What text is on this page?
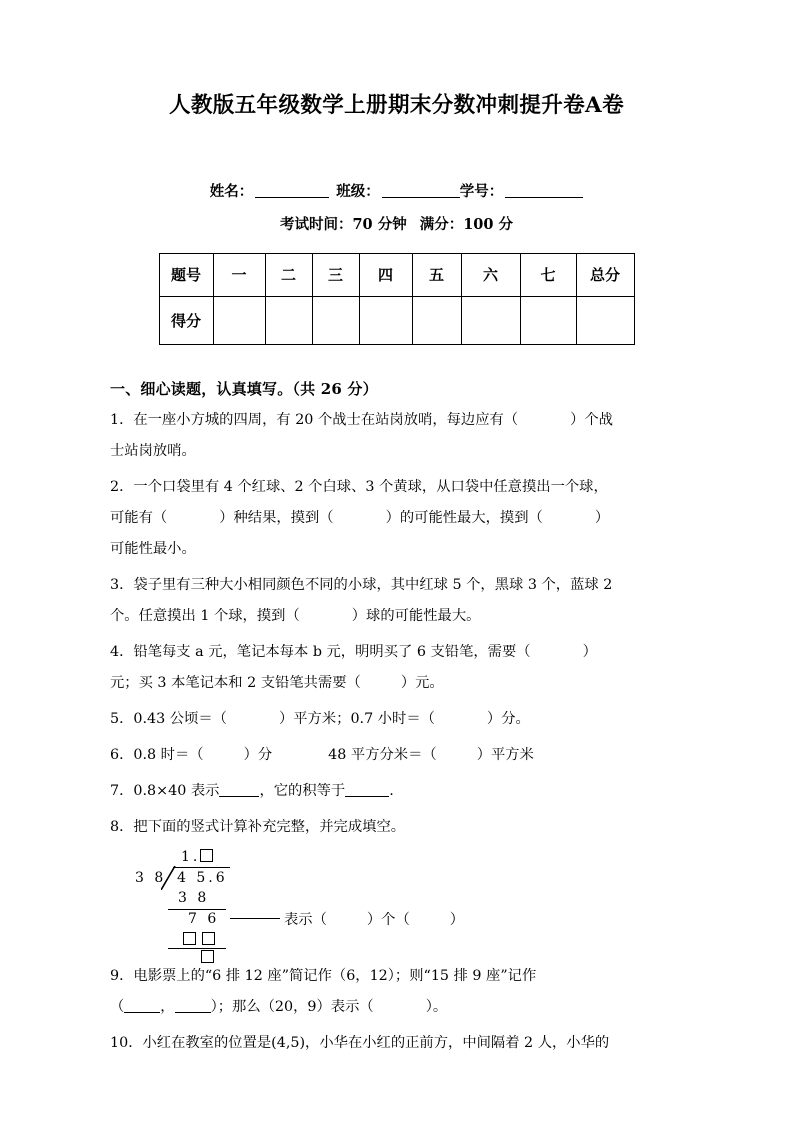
人教版五年级数学上册期末分数冲刺提升卷A卷
姓名：	班级：	学号：
考试时间：70 分钟 满分：100 分
题号	一	二	三	四	五	六	七	总分
得分								
一、细心读题，认真填写。（共 26 分）
1．在一座小方城的四周，有 20 个战士在站岗放哨，每边应有（	）个战
士站岗放哨。
2．一个口袋里有 4 个红球、2 个白球、3 个黄球，从口袋中任意摸出一个球，
可能有（	）种结果，摸到（	）的可能性最大，摸到（	）
可能性最小。
3．袋子里有三种大小相同颜色不同的小球，其中红球 5 个，黑球 3 个，蓝球 2
个。任意摸出 1 个球，摸到（	）球的可能性最大。
4．铅笔每支 a 元，笔记本每本 b 元，明明买了 6 支铅笔，需要（	）
元；买 3 本笔记本和 2 支铅笔共需要（	）元。
5．0.43 公顷＝（	）平方米；0.7 小时＝（	）分。
6．0.8 时＝（	）分	48 平方分米＝（	）平方米
7．0.8×40 表示	，它的积等于	.
8．把下面的竖式计算补充完整，并完成填空。
1.
3 8 4 5.6
3 8
7 6	表示（	）个（	）
9．电影票上的“6 排 12 座”简记作（6，12）；则“15 排 9 座”记作
（	，	）；那么（20，9）表示（	）。
10．小红在教室的位置是(4,5)，小华在小红的正前方，中间隔着 2 人，小华的
